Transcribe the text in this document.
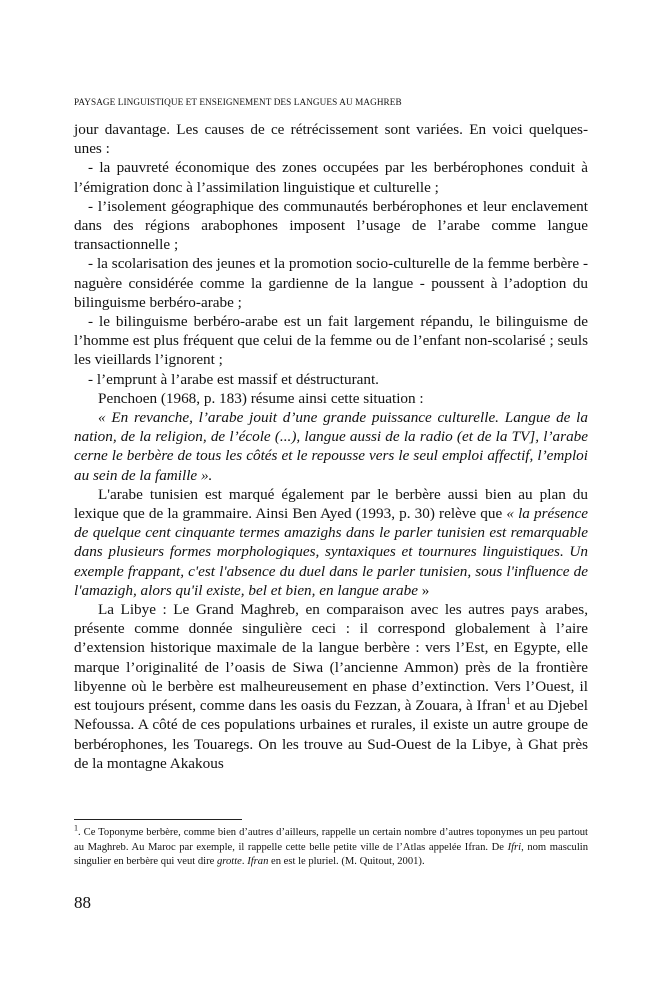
PAYSAGE LINGUISTIQUE ET ENSEIGNEMENT DES LANGUES AU MAGHREB

jour davantage. Les causes de ce rétrécissement sont variées. En voici quelques-unes :

- la pauvreté économique des zones occupées par les berbérophones conduit à l’émigration donc à l’assimilation linguistique et culturelle ;

- l’isolement géographique des communautés berbérophones et leur enclavement dans des régions arabophones imposent l’usage de l’arabe comme langue transactionnelle ;

- la scolarisation des jeunes et la promotion socio-culturelle de la femme berbère - naguère considérée comme la gardienne de la langue - poussent à l’adoption du bilinguisme berbéro-arabe ;

- le bilinguisme berbéro-arabe est un fait largement répandu, le bilinguisme de l’homme est plus fréquent que celui de la femme ou de l’enfant non-scolarisé ; seuls les vieillards l’ignorent ;

- l’emprunt à l’arabe est massif et déstructurant.

Penchoen (1968, p. 183) résume ainsi cette situation :

« En revanche, l’arabe jouit d’une grande puissance culturelle. Langue de la nation, de la religion, de l’école (...), langue aussi de la radio (et de la TV], l’arabe cerne le berbère de tous les côtés et le repousse vers le seul emploi affectif, l’emploi au sein de la famille ».

L'arabe tunisien est marqué également par le berbère aussi bien au plan du lexique que de la grammaire. Ainsi Ben Ayed (1993, p. 30) relève que « la présence de quelque cent cinquante termes amazighs dans le parler tunisien est remarquable dans plusieurs formes morphologiques, syntaxiques et tournures linguistiques. Un exemple frappant, c'est l'absence du duel dans le parler tunisien, sous l'influence de l'amazigh, alors qu'il existe, bel et bien, en langue arabe »

La Libye : Le Grand Maghreb, en comparaison avec les autres pays arabes, présente comme donnée singulière ceci : il correspond globalement à l’aire d’extension historique maximale de la langue berbère : vers l’Est, en Egypte, elle marque l’originalité de l’oasis de Siwa (l’ancienne Ammon) près de la frontière libyenne où le berbère est malheureusement en phase d’extinction. Vers l’Ouest, il est toujours présent, comme dans les oasis du Fezzan, à Zouara, à Ifran$^1$ et au Djebel Nefoussa. A côté de ces populations urbaines et rurales, il existe un autre groupe de berbérophones, les Touaregs. On les trouve au Sud-Ouest de la Libye, à Ghat près de la montagne Akakous

$^1$. Ce Toponyme berbère, comme bien d’autres d’ailleurs, rappelle un certain nombre d’autres toponymes un peu partout au Maghreb. Au Maroc par exemple, il rappelle cette belle petite ville de l’Atlas appelée Ifran. De Ifri, nom masculin singulier en berbère qui veut dire grotte. Ifran en est le pluriel. (M. Quitout, 2001).

88
